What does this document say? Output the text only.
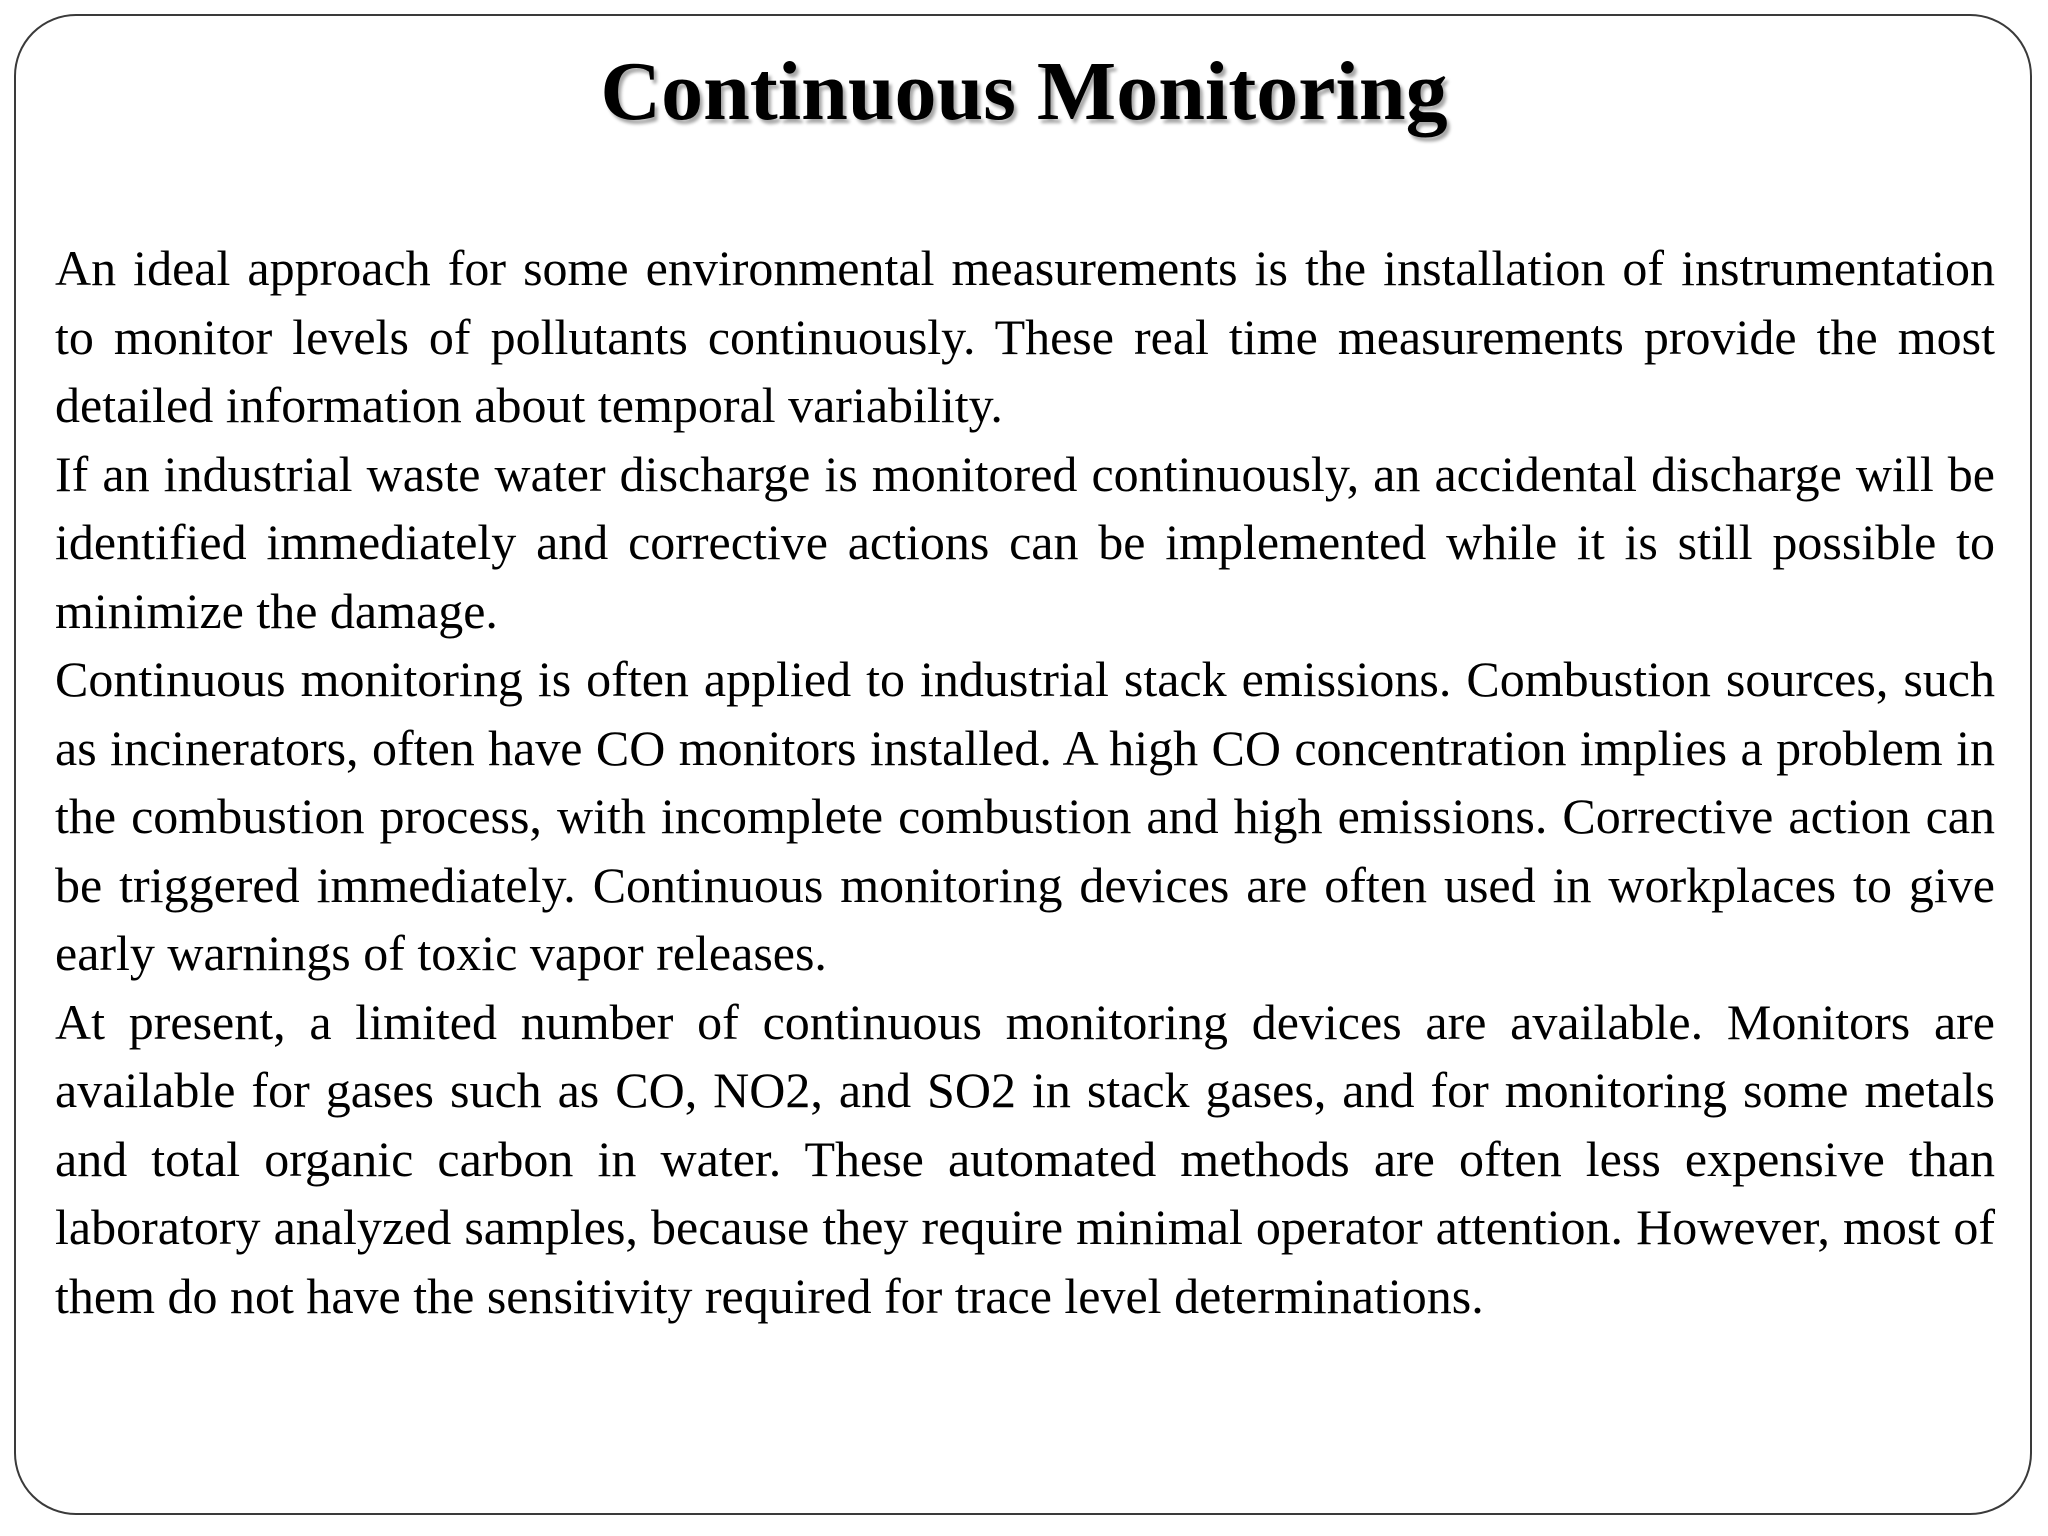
Continuous Monitoring

An ideal approach for some environmental measurements is the installation of instrumentation to monitor levels of pollutants continuously. These real time measurements provide the most detailed information about temporal variability.

If an industrial waste water discharge is monitored continuously, an accidental discharge will be identified immediately and corrective actions can be implemented while it is still possible to minimize the damage.

Continuous monitoring is often applied to industrial stack emissions. Combustion sources, such as incinerators, often have CO monitors installed. A high CO concentration implies a problem in the combustion process, with incomplete combustion and high emissions. Corrective action can be triggered immediately. Continuous monitoring devices are often used in workplaces to give early warnings of toxic vapor releases.

At present, a limited number of continuous monitoring devices are available. Monitors are available for gases such as CO, NO2, and SO2 in stack gases, and for monitoring some metals and total organic carbon in water. These automated methods are often less expensive than laboratory analyzed samples, because they require minimal operator attention. However, most of them do not have the sensitivity required for trace level determinations.
